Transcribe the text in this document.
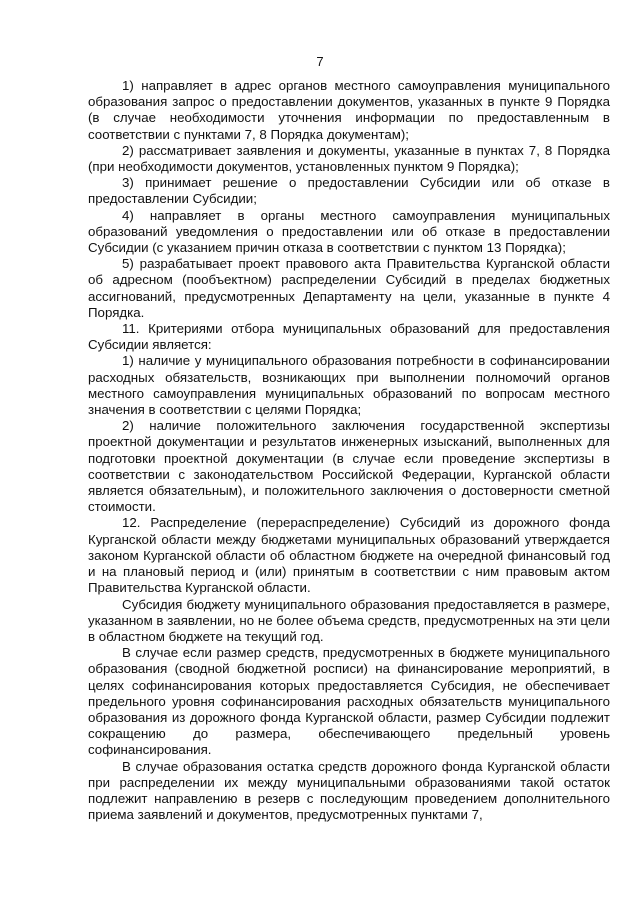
7

1) направляет в адрес органов местного самоуправления муниципального образования запрос о предоставлении документов, указанных в пункте 9 Порядка (в случае необходимости уточнения информации по предоставленным в соответствии с пунктами 7, 8 Порядка документам);

2) рассматривает заявления и документы, указанные в пунктах 7, 8 Порядка (при необходимости документов, установленных пунктом 9 Порядка);

3) принимает решение о предоставлении Субсидии или об отказе в предоставлении Субсидии;

4) направляет в органы местного самоуправления муниципальных образований уведомления о предоставлении или об отказе в предоставлении Субсидии (с указанием причин отказа в соответствии с пунктом 13 Порядка);

5) разрабатывает проект правового акта Правительства Курганской области об адресном (пообъектном) распределении Субсидий в пределах бюджетных ассигнований, предусмотренных Департаменту на цели, указанные в пункте 4 Порядка.

11. Критериями отбора муниципальных образований для предоставления Субсидии является:

1) наличие у муниципального образования потребности в софинансировании расходных обязательств, возникающих при выполнении полномочий органов местного самоуправления муниципальных образований по вопросам местного значения в соответствии с целями Порядка;

2) наличие положительного заключения государственной экспертизы проектной документации и результатов инженерных изысканий, выполненных для подготовки проектной документации (в случае если проведение экспертизы в соответствии с законодательством Российской Федерации, Курганской области является обязательным), и положительного заключения о достоверности сметной стоимости.

12. Распределение (перераспределение) Субсидий из дорожного фонда Курганской области между бюджетами муниципальных образований утверждается законом Курганской области об областном бюджете на очередной финансовый год и на плановый период и (или) принятым в соответствии с ним правовым актом Правительства Курганской области.

Субсидия бюджету муниципального образования предоставляется в размере, указанном в заявлении, но не более объема средств, предусмотренных на эти цели в областном бюджете на текущий год.

В случае если размер средств, предусмотренных в бюджете муниципального образования (сводной бюджетной росписи) на финансирование мероприятий, в целях софинансирования которых предоставляется Субсидия, не обеспечивает предельного уровня софинансирования расходных обязательств муниципального образования из дорожного фонда Курганской области, размер Субсидии подлежит сокращению до размера, обеспечивающего предельный уровень софинансирования.

В случае образования остатка средств дорожного фонда Курганской области при распределении их между муниципальными образованиями такой остаток подлежит направлению в резерв с последующим проведением дополнительного приема заявлений и документов, предусмотренных пунктами 7,
